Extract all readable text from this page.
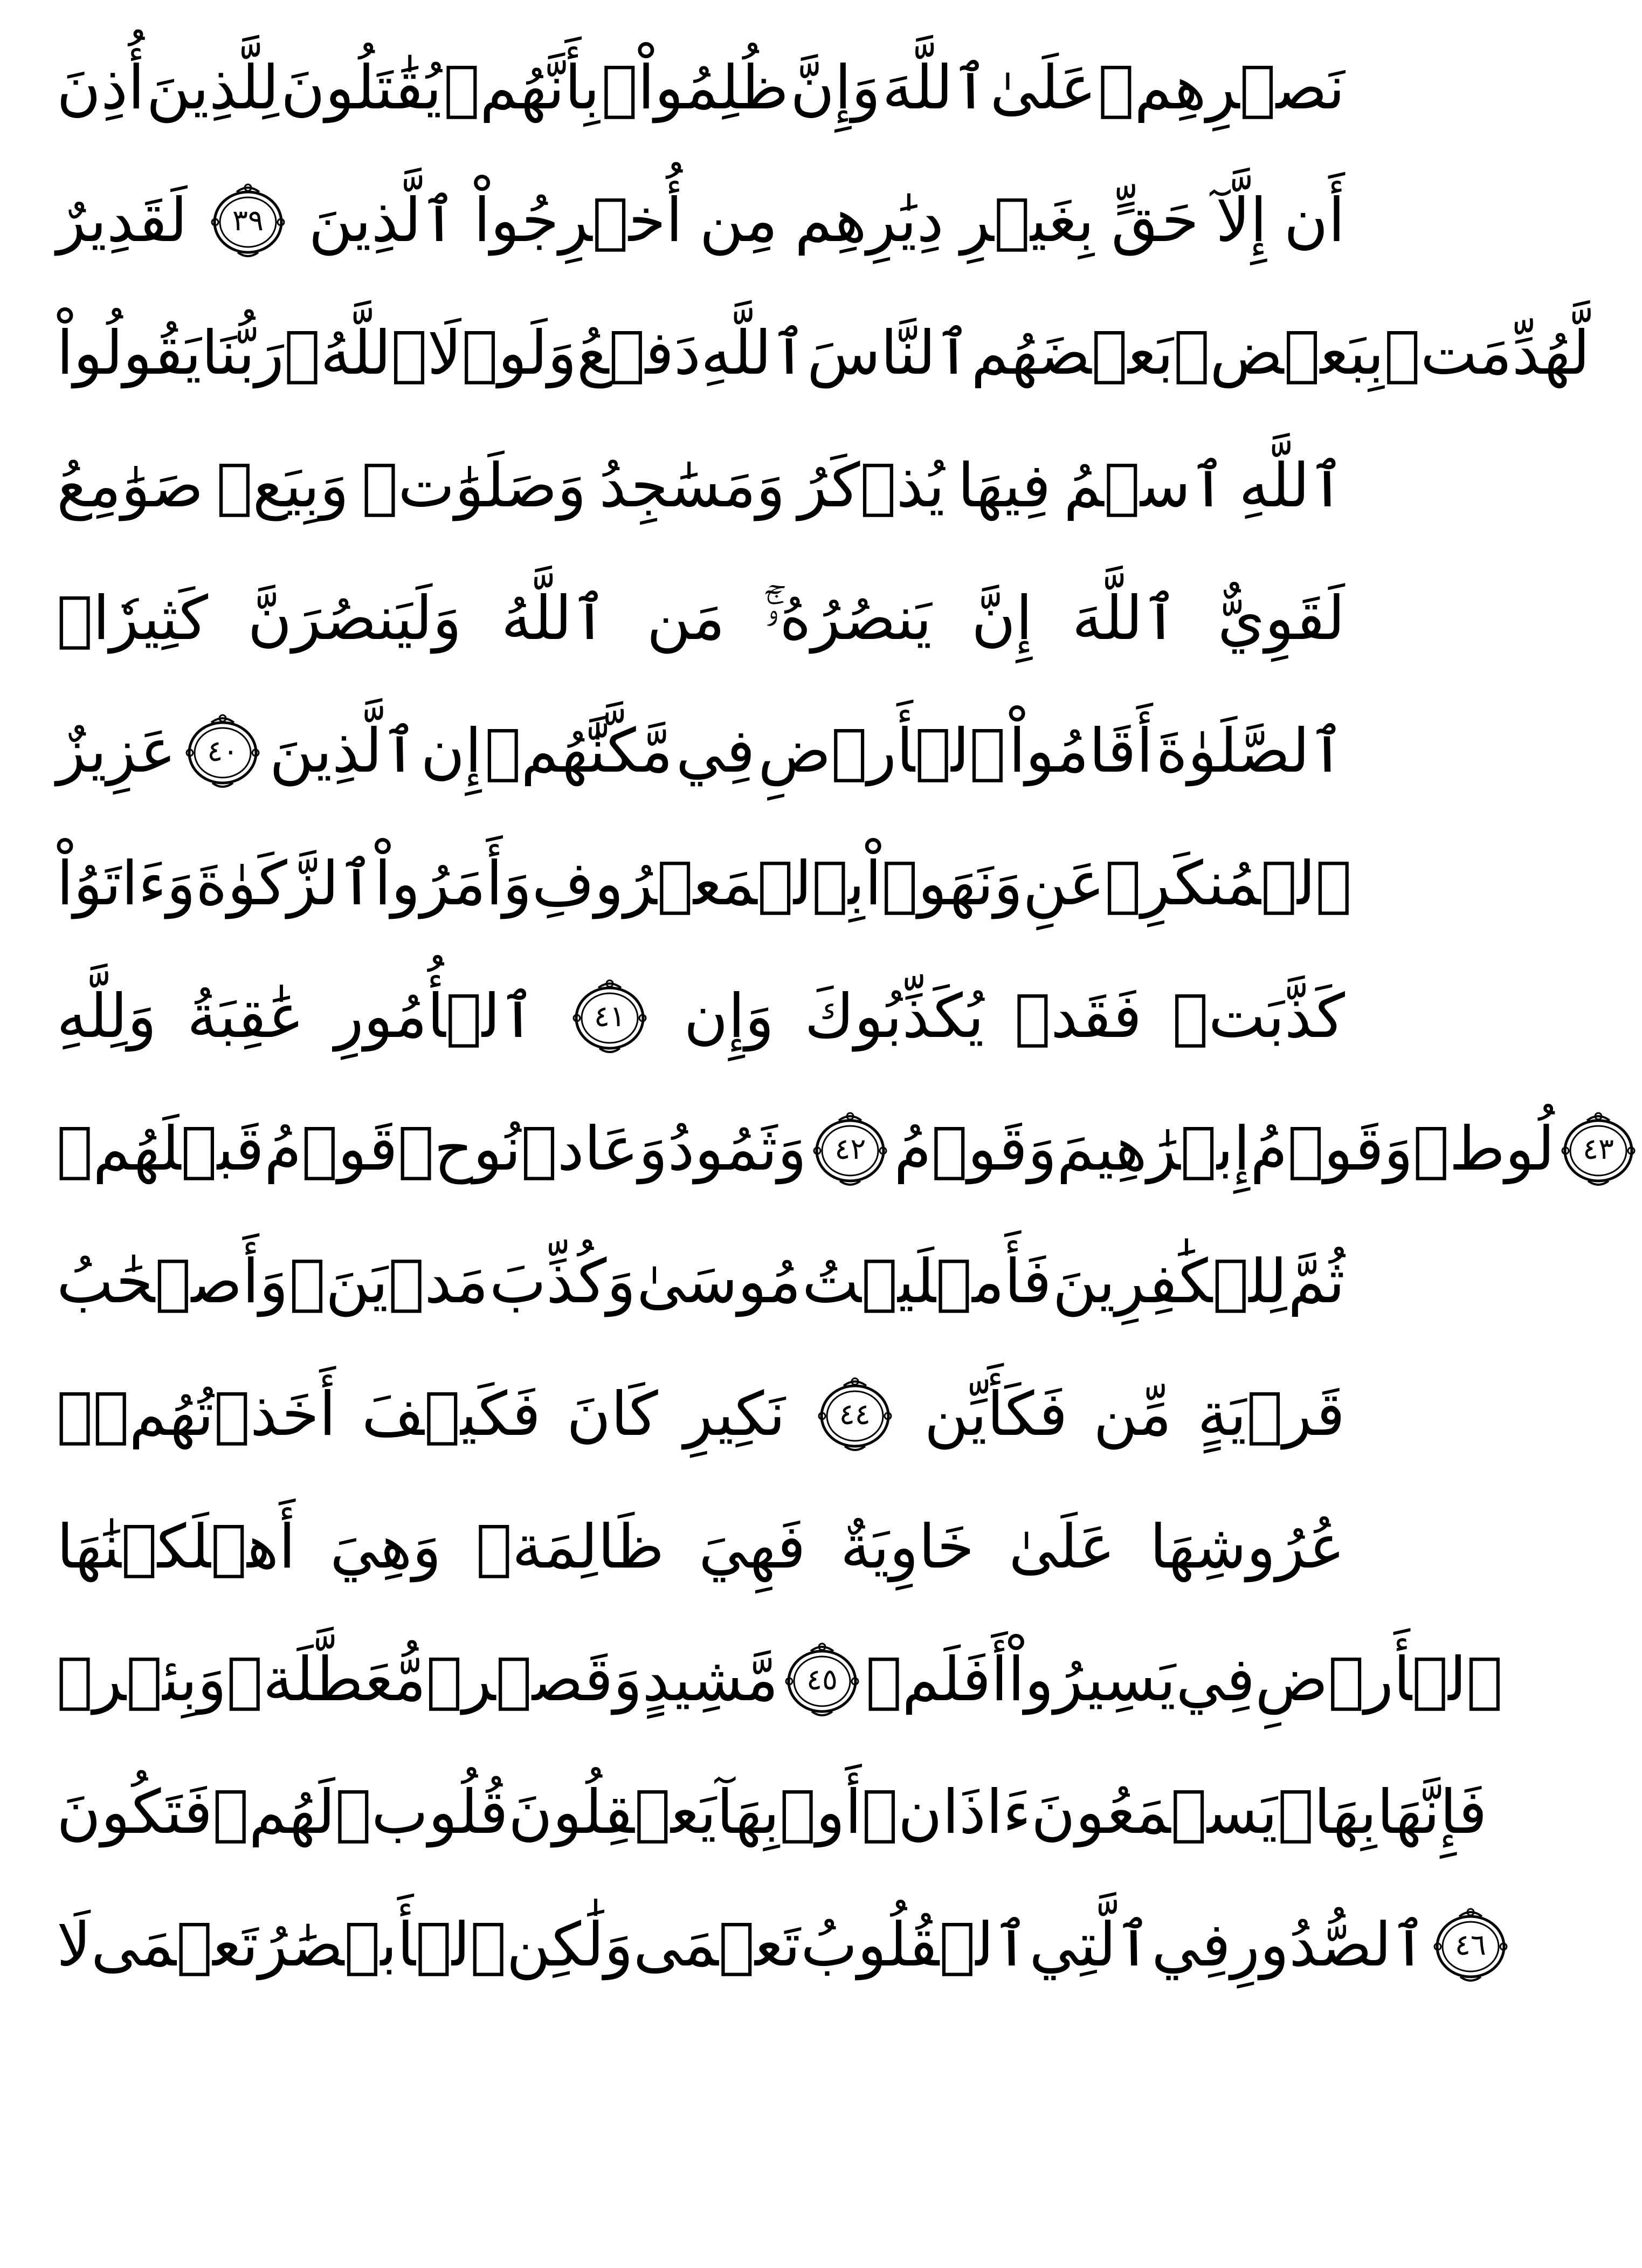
أُذِنَ لِلَّذِينَ يُقَٰتَلُونَ بِأَنَّهُمۡ ظُلِمُواْۚ وَإِنَّ ٱللَّهَ عَلَىٰ نَصۡرِهِمۡ
لَقَدِيرٌ ٣٩ ٱلَّذِينَ أُخۡرِجُواْ مِن دِيَٰرِهِم بِغَيۡرِ حَقٍّ إِلَّآ أَن
يَقُولُواْ رَبُّنَا ٱللَّهُۗ وَلَوۡلَا دَفۡعُ ٱللَّهِ ٱلنَّاسَ بَعۡضَهُم بِبَعۡضٖ لَّهُدِّمَتۡ
صَوَٰمِعُ وَبِيَعٞ وَصَلَوَٰتٞ وَمَسَٰجِدُ يُذۡكَرُ فِيهَا ٱسۡمُ ٱللَّهِ
كَثِيرٗاۗ وَلَيَنصُرَنَّ ٱللَّهُ مَن يَنصُرُهُۥٓۚ إِنَّ ٱللَّهَ لَقَوِيٌّ
عَزِيزٌ ٤٠ ٱلَّذِينَ إِن مَّكَّنَّٰهُمۡ فِي ٱلۡأَرۡضِ أَقَامُواْ ٱلصَّلَوٰةَ
وَءَاتَوُاْ ٱلزَّكَوٰةَ وَأَمَرُواْ بِٱلۡمَعۡرُوفِ وَنَهَوۡاْ عَنِ ٱلۡمُنكَرِۗ
وَلِلَّهِ عَٰقِبَةُ ٱلۡأُمُورِ ٤١ وَإِن يُكَذِّبُوكَ فَقَدۡ كَذَّبَتۡ
قَبۡلَهُمۡ قَوۡمُ نُوحٖ وَعَادٞ وَثَمُودُ ٤٢ وَقَوۡمُ إِبۡرَٰهِيمَ وَقَوۡمُ لُوطٖ ٤٣
وَأَصۡحَٰبُ مَدۡيَنَۖ وَكُذِّبَ مُوسَىٰ فَأَمۡلَيۡتُ لِلۡكَٰفِرِينَ ثُمَّ
أَخَذۡتُهُمۡۖ فَكَيۡفَ كَانَ نَكِيرِ ٤٤ فَكَأَيِّن مِّن قَرۡيَةٍ
أَهۡلَكۡنَٰهَا وَهِيَ ظَالِمَةٞ فَهِيَ خَاوِيَةٌ عَلَىٰ عُرُوشِهَا
وَبِئۡرٖ مُّعَطَّلَةٖ وَقَصۡرٖ مَّشِيدٍ ٤٥ أَفَلَمۡ يَسِيرُواْ فِي ٱلۡأَرۡضِ
فَتَكُونَ لَهُمۡ قُلُوبٞ يَعۡقِلُونَ بِهَآ أَوۡ ءَاذَانٞ يَسۡمَعُونَ بِهَاۖ فَإِنَّهَا
لَا تَعۡمَى ٱلۡأَبۡصَٰرُ وَلَٰكِن تَعۡمَى ٱلۡقُلُوبُ ٱلَّتِي فِي ٱلصُّدُورِ ٤٦
